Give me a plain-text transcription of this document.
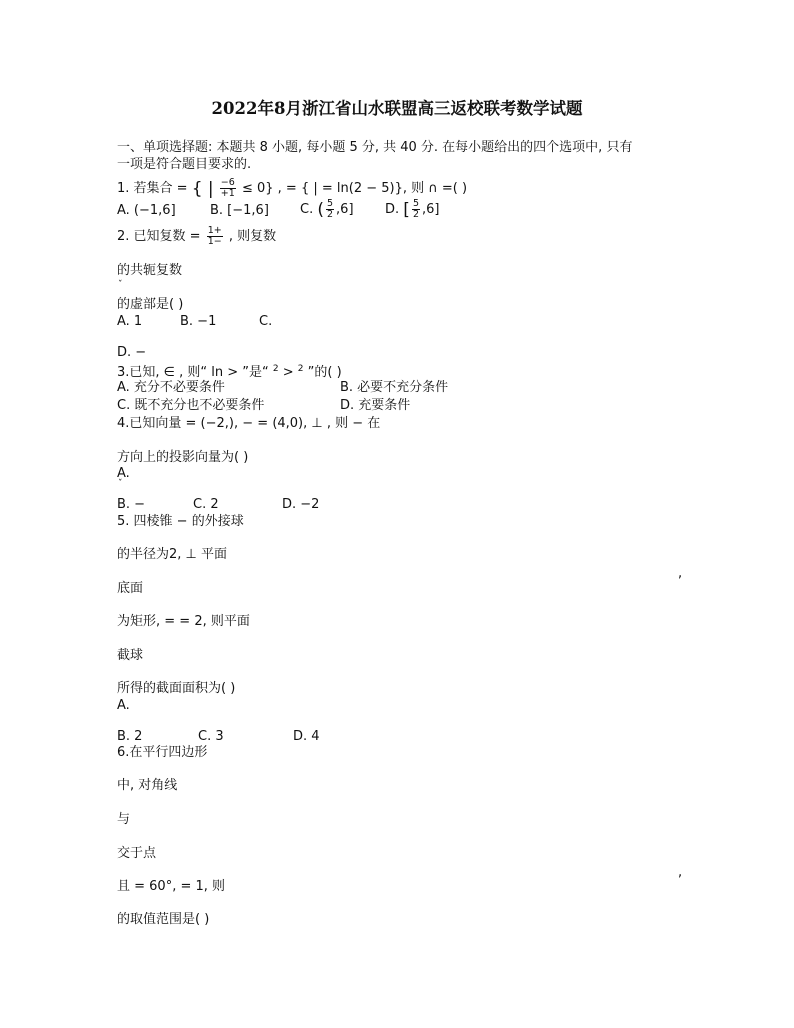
2022年8月浙江省山水联盟高三返校联考数学试题
一、单项选择题: 本题共 8 小题, 每小题 5 分, 共 40 分. 在每小题给出的四个选项中, 只有
一项是符合题目要求的.
1. 若集合 = { | $\frac{-6}{+1} \le 0$} , = { | = ln(2 − 5)}, 则 ∩ =( )
A. (−1,6]	B. [−1,6] C. ( $\frac{5}{2} ,6$] D. [ $\frac{5}{2} ,6$]
2. 已知复数 = $\frac{1+}{1-}$ , 则复数
的共轭复数
ˇ
的虚部是( )
A. 1	B. −1	C.
D. −
3.已知, ∈ , 则“ ln > ”是“ $^2$ > $^2$ ”的( )
A. 充分不必要条件	B. 必要不充分条件
C. 既不充分也不必要条件	D. 充要条件
4.已知向量 = (−2,), − = (4,0), ⊥ , 则 − 在
方向上的投影向量为( )
A.
ˇ
B. −	C. 2	D. −2
5. 四棱锥 − 的外接球
的半径为2, ⊥ 平面
,
底面
为矩形, = = 2, 则平面
截球
所得的截面面积为( )
A.
B. 2	C. 3	D. 4
6.在平行四边形
中, 对角线
与
交于点
,
且 = 60°, = 1, 则
的取值范围是( )
